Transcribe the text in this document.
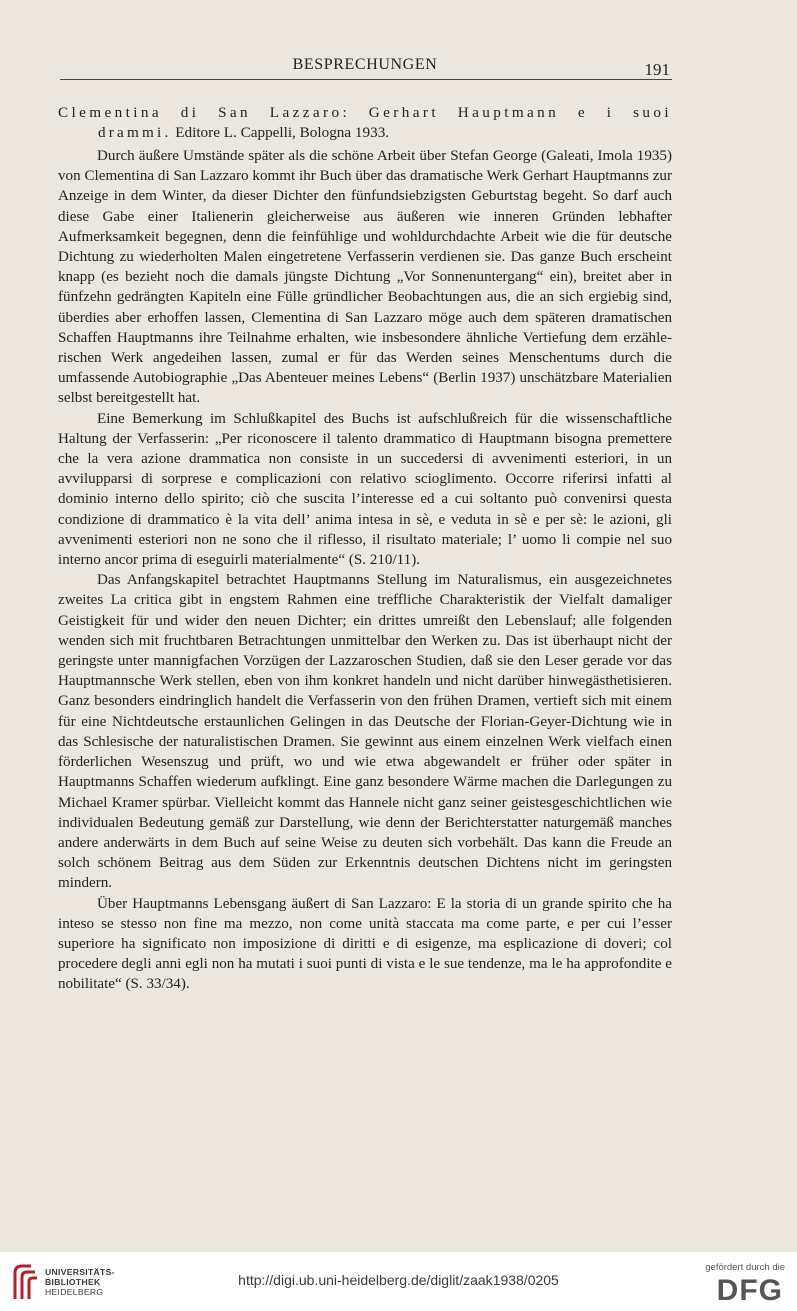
BESPRECHUNGEN	191

Clementina di San Lazzaro: Gerhart Hauptmann e i suoi

drammi. Editore L. Cappelli, Bologna 1933.

Durch äußere Umstände später als die schöne Arbeit über Stefan George (Galeati, Imola 1935) von Clementina di San Lazzaro kommt ihr Buch über das dramatische Werk Gerhart Hauptmanns zur Anzeige in dem Winter, da dieser Dichter den fünfundsiebzigsten Geburtstag begeht. So darf auch diese Gabe einer Italienerin gleicherweise aus äußeren wie inneren Gründen lebhafter Aufmerksamkeit begegnen, denn die feinfühlige und wohldurchdachte Arbeit wie die für deutsche Dichtung zu wiederholten Malen eingetretene Verfasserin verdienen sie. Das ganze Buch erscheint knapp (es bezieht noch die damals jüngste Dichtung „Vor Sonnenuntergang“ ein), breitet aber in fünfzehn gedrängten Kapiteln eine Fülle gründlicher Beobachtungen aus, die an sich ergiebig sind, überdies aber erhoffen lassen, Clementina di San Lazzaro möge auch dem späteren dramatischen Schaffen Hauptmanns ihre Teilnahme erhalten, wie insbesondere ähnliche Vertiefung dem erzählerischen Werk angedeihen lassen, zumal er für das Werden seines Menschentums durch die umfassende Autobiographie „Das Abenteuer meines Lebens“ (Berlin 1937) unschätzbare Materialien selbst bereitgestellt hat.

Eine Bemerkung im Schlußkapitel des Buchs ist aufschlußreich für die wissenschaftliche Haltung der Verfasserin: „Per riconoscere il talento drammatico di Hauptmann bisogna premettere che la vera azione drammatica non consiste in un succedersi di avvenimenti esteriori, in un avvilupparsi di sorprese e complicazioni con relativo scioglimento. Occorre riferirsi infatti al dominio interno dello spirito; ciò che suscita l’interesse ed a cui soltanto può convenirsi questa condizione di drammatico è la vita dell’ anima intesa in sè, e veduta in sè e per sè: le azioni, gli avvenimenti esteriori non ne sono che il riflesso, il risultato materiale; l’ uomo li compie nel suo interno ancor prima di eseguirli materialmente“ (S. 210/11).

Das Anfangskapitel betrachtet Hauptmanns Stellung im Naturalismus, ein ausgezeichnetes zweites La critica gibt in engstem Rahmen eine treffliche Charakteristik der Vielfalt damaliger Geistigkeit für und wider den neuen Dichter; ein drittes umreißt den Lebenslauf; alle folgenden wenden sich mit fruchtbaren Betrachtungen unmittelbar den Werken zu. Das ist überhaupt nicht der geringste unter mannigfachen Vorzügen der Lazzaroschen Studien, daß sie den Leser gerade vor das Hauptmannsche Werk stellen, eben von ihm konkret handeln und nicht darüber hinwegästhetisieren. Ganz besonders eindringlich handelt die Verfasserin von den frühen Dramen, vertieft sich mit einem für eine Nichtdeutsche erstaunlichen Gelingen in das Deutsche der Florian-Geyer-Dichtung wie in das Schlesische der naturalistischen Dramen. Sie gewinnt aus einem einzelnen Werk vielfach einen förderlichen Wesenszug und prüft, wo und wie etwa abgewandelt er früher oder später in Hauptmanns Schaffen wiederum aufklingt. Eine ganz besondere Wärme machen die Darlegungen zu Michael Kramer spürbar. Vielleicht kommt das Hannele nicht ganz seiner geistesgeschichtlichen wie individualen Bedeutung gemäß zur Darstellung, wie denn der Berichterstatter naturgemäß manches andere anderwärts in dem Buch auf seine Weise zu deuten sich vorbehält. Das kann die Freude an solch schönem Beitrag aus dem Süden zur Erkenntnis deutschen Dichtens nicht im geringsten mindern.

Über Hauptmanns Lebensgang äußert di San Lazzaro: E la storia di un grande spirito che ha inteso se stesso non fine ma mezzo, non come unità staccata ma come parte, e per cui l’esser superiore ha significato non imposizione di diritti e di esigenze, ma esplicazione di doveri; col procedere degli anni egli non ha mutati i suoi punti di vista e le sue tendenze, ma le ha approfondite e nobilitate“ (S. 33/34).

UNIVERSITÄTS-
BIBLIOTHEK
HEIDELBERG
http://digi.ub.uni-heidelberg.de/diglit/zaak1938/0205
gefördert durch die
DFG
